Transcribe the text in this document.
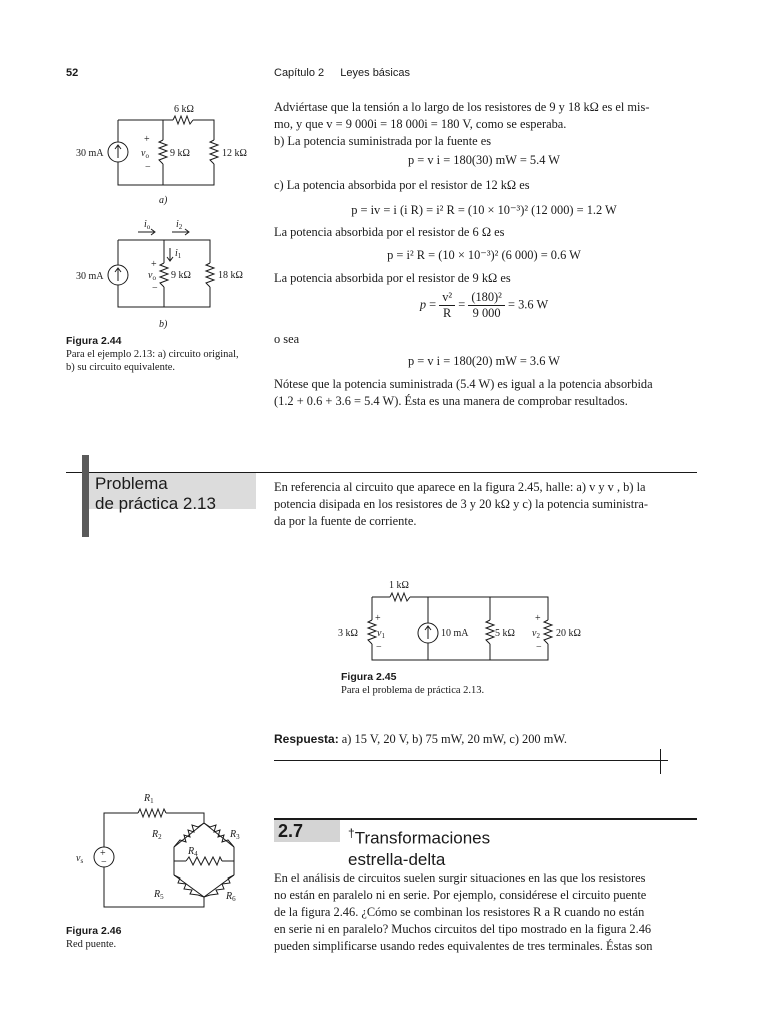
52	Capítulo 2 Leyes básicas
6 kΩ
30 mA
+
$v_o$
−
9 kΩ	12 kΩ
a)
$i_o$	$i_2$
$i_1$
30 mA
+
$v_o$
−
9 kΩ	18 kΩ
b)
Figura 2.44
Para el ejemplo 2.13: a) circuito original,
b) su circuito equivalente.
Adviértase que la tensión a lo largo de los resistores de 9 y 18 kΩ es el mis-
mo, y que v = 9 000i = 18 000i = 180 V, como se esperaba.
b) La potencia suministrada por la fuente es
p = v i = 180(30) mW = 5.4 W
c) La potencia absorbida por el resistor de 12 kΩ es
p = iv = i (i R) = i² R = (10 × 10⁻³)² (12 000) = 1.2 W
La potencia absorbida por el resistor de 6 Ω es
p = i² R = (10 × 10⁻³)² (6 000) = 0.6 W
La potencia absorbida por el resistor de 9 kΩ es
$p = \frac{\text{v²}}{R} = \frac{\text{(180)²}}{9 000} = 3.6$ W
o sea
p = v i = 180(20) mW = 3.6 W
Nótese que la potencia suministrada (5.4 W) es igual a la potencia absorbida
(1.2 + 0.6 + 3.6 = 5.4 W). Ésta es una manera de comprobar resultados.
Problema
de práctica 2.13
En referencia al circuito que aparece en la figura 2.45, halle: a) v y v , b) la
potencia disipada en los resistores de 3 y 20 kΩ y c) la potencia suministra-
da por la fuente de corriente.
1 kΩ
3 kΩ
+
$v_1$
−
10 mA	5 kΩ
+
$v_2$
−
20 kΩ
Figura 2.45
Para el problema de práctica 2.13.
Respuesta: a) 15 V, 20 V, b) 75 mW, 20 mW, c) 200 mW.
+
−
$v_s$
$R_1$
$R_2$	$R_3$
$R_4$
$R_5$	$R_6$
Figura 2.46
Red puente.
2.7	†Transformaciones
estrella-delta
En el análisis de circuitos suelen surgir situaciones en las que los resistores
no están en paralelo ni en serie. Por ejemplo, considérese el circuito puente
de la figura 2.46. ¿Cómo se combinan los resistores R a R cuando no están
en serie ni en paralelo? Muchos circuitos del tipo mostrado en la figura 2.46
pueden simplificarse usando redes equivalentes de tres terminales. Éstas son
